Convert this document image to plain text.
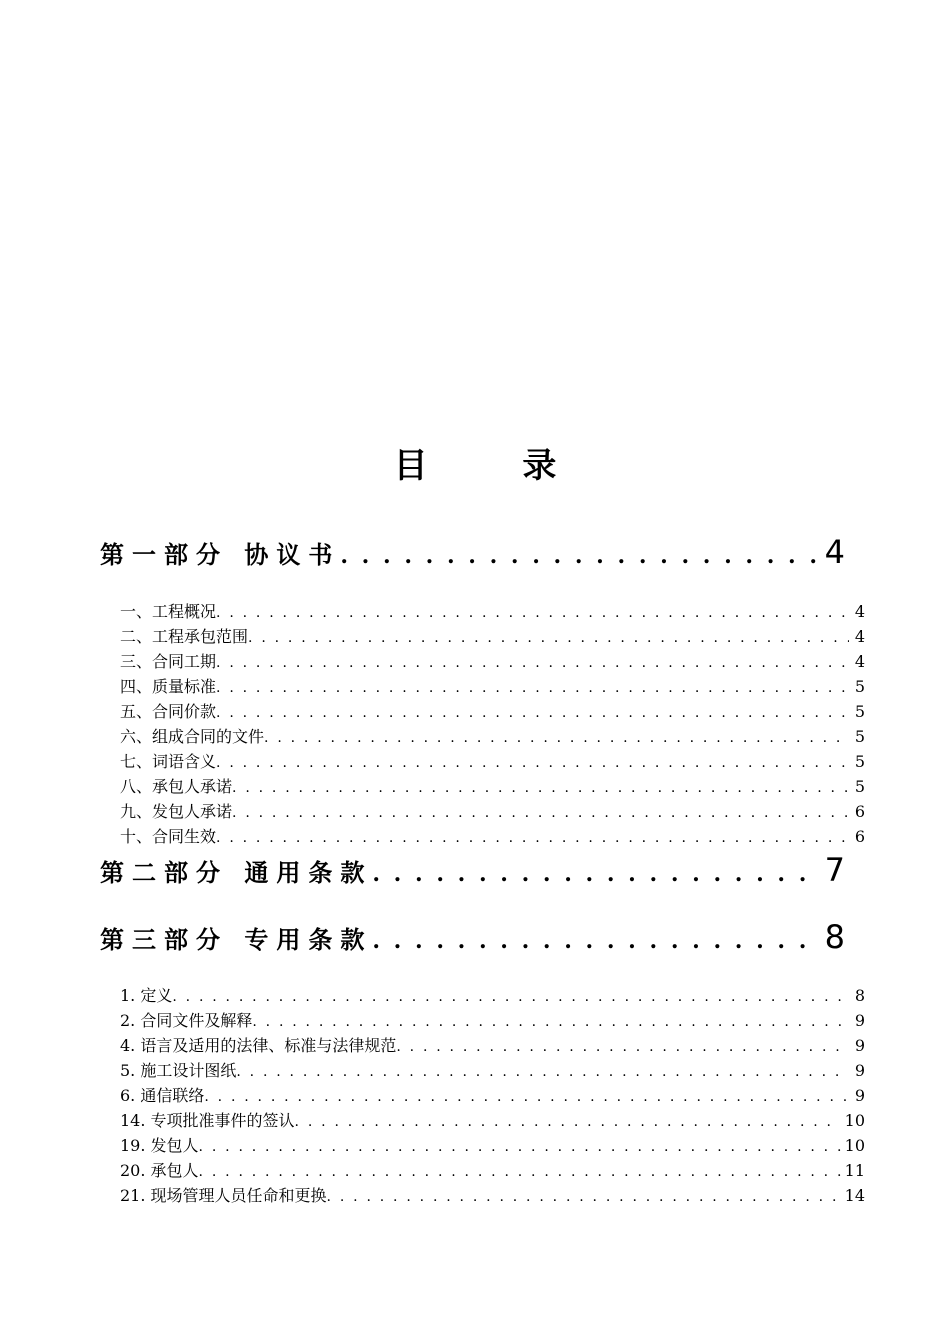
目        录
第一部分 协议书 . . .	4
一、工程概况 . . .	4
二、工程承包范围 . . .	4
三、合同工期 . . .	4
四、质量标准 . . .	5
五、合同价款 . . .	5
六、组成合同的文件 . . .	5
七、词语含义 . . .	5
八、承包人承诺 . . .	5
九、发包人承诺 . . .	6
十、合同生效 . . .	6
第二部分 通用条款 . . .	7
第三部分 专用条款 . . .	8
1. 定义 . . .	8
2. 合同文件及解释 . . .	9
4. 语言及适用的法律、标准与法律规范 . . .	9
5. 施工设计图纸 . . .	9
6. 通信联络 . . .	9
14. 专项批准事件的签认 . . .	10
19. 发包人 . . .	10
20. 承包人 . . .	11
21. 现场管理人员任命和更换 . . .	14
